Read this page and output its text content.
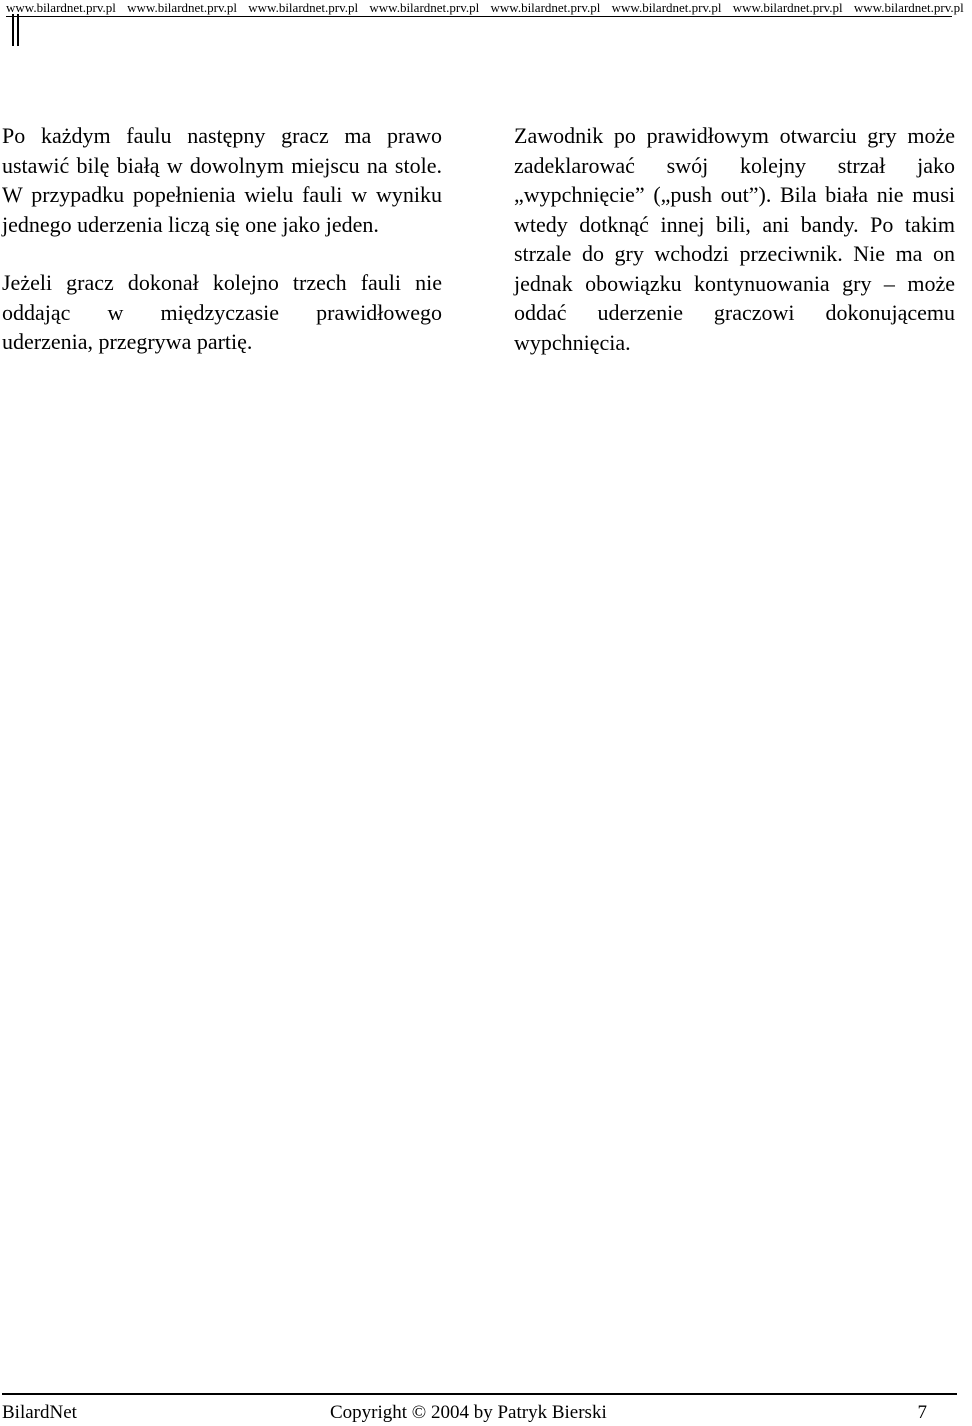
www.bilardnet.prv.pl www.bilardnet.prv.pl www.bilardnet.prv.pl www.bilardnet.prv.pl www.bilardnet.prv.pl www.bilardnet.prv.pl www.bilardnet.prv.pl www.bilardnet.prv.pl

Po każdym faulu następny gracz ma prawo ustawić bilę białą w dowolnym miejscu na stole. W przypadku popełnienia wielu fauli w wyniku jednego uderzenia liczą się one jako jeden.

Jeżeli gracz dokonał kolejno trzech fauli nie oddając w międzyczasie prawidłowego uderzenia, przegrywa partię.

Zawodnik po prawidłowym otwarciu gry może zadeklarować swój kolejny strzał jako „wypchnięcie” („push out”). Bila biała nie musi wtedy dotknąć innej bili, ani bandy. Po takim strzale do gry wchodzi przeciwnik. Nie ma on jednak obowiązku kontynuowania gry – może oddać uderzenie graczowi dokonującemu wypchnięcia.

BilardNet	Copyright © 2004 by Patryk Bierski	7
